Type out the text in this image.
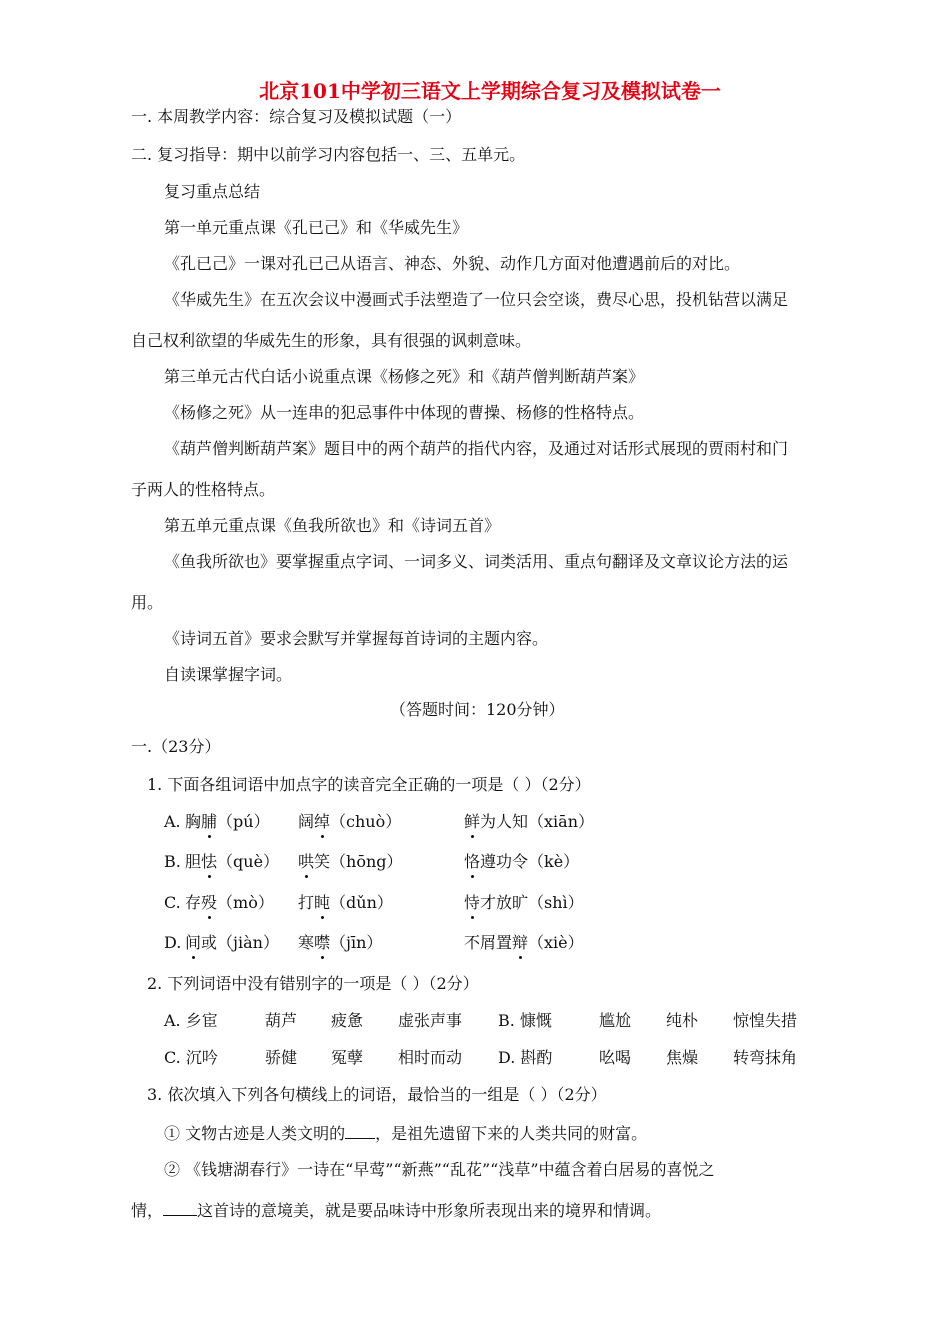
北京101中学初三语文上学期综合复习及模拟试卷一
一. 本周教学内容：综合复习及模拟试题（一）
二. 复习指导：期中以前学习内容包括一、三、五单元。
复习重点总结
第一单元重点课《孔已己》和《华威先生》
《孔已己》一课对孔已己从语言、神态、外貌、动作几方面对他遭遇前后的对比。
《华威先生》在五次会议中漫画式手法塑造了一位只会空谈，费尽心思，投机钻营以满足
自己权利欲望的华威先生的形象，具有很强的讽刺意味。
第三单元古代白话小说重点课《杨修之死》和《葫芦僧判断葫芦案》
《杨修之死》从一连串的犯忌事件中体现的曹操、杨修的性格特点。
《葫芦僧判断葫芦案》题目中的两个葫芦的指代内容，及通过对话形式展现的贾雨村和门
子两人的性格特点。
第五单元重点课《鱼我所欲也》和《诗词五首》
《鱼我所欲也》要掌握重点字词、一词多义、词类活用、重点句翻译及文章议论方法的运
用。
《诗词五首》要求会默写并掌握每首诗词的主题内容。
自读课掌握字词。
（答题时间：120分钟）
一.（23分）
1. 下面各组词语中加点字的读音完全正确的一项是（ ）（2分）
A. 胸脯（pú） 阔绰（chuò）	鲜为人知（xiān）
B. 胆怯（què） 哄笑（hōng）	恪遵功令（kè）
C. 存殁（mò） 打盹（dǔn）	恃才放旷（shì）
D. 间或（jiàn） 寒噤（jīn）	不屑置辩（xiè）
2. 下列词语中没有错别字的一项是（ ）（2分）
A. 乡宦	葫芦 疲惫 虚张声事 B. 慷慨	尴尬 纯朴 惊惶失措
C. 沉吟	骄健 冤孽 相时而动 D. 斟酌	吆喝 焦燥 转弯抹角
3. 依次填入下列各句横线上的词语，最恰当的一组是（ ）（2分）
① 文物古迹是人类文明的 ，是祖先遗留下来的人类共同的财富。
② 《钱塘湖春行》一诗在“早莺”“新燕”“乱花”“浅草”中蕴含着白居易的喜悦之
情， 这首诗的意境美，就是要品味诗中形象所表现出来的境界和情调。
